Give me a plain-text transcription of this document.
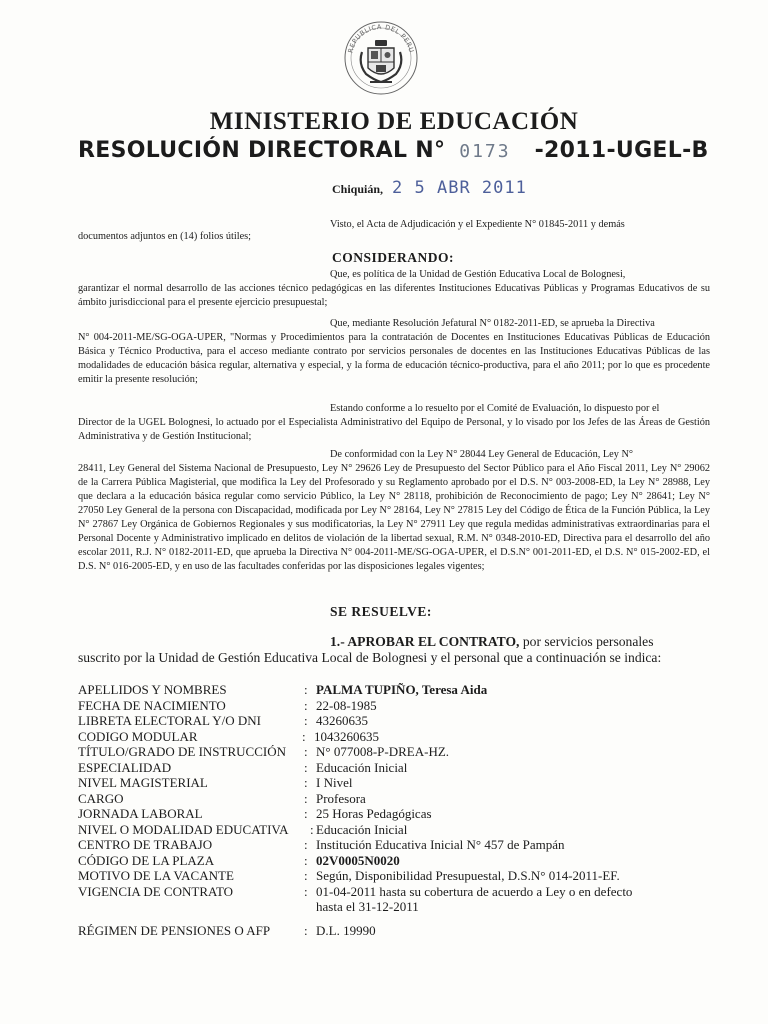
REPUBLICA DEL PERU
MINISTERIO DE EDUCACIÓN
RESOLUCIÓN DIRECTORAL N° 0173 -2011-UGEL-B
Chiquián, 2 5 ABR 2011
Visto, el Acta de Adjudicación y el Expediente N° 01845-2011 y demás
documentos adjuntos en (14) folios útiles;
CONSIDERANDO:
Que, es política de la Unidad de Gestión Educativa Local de Bolognesi,
garantizar el normal desarrollo de las acciones técnico pedagógicas en las diferentes Instituciones Educativas Públicas y Programas Educativos de su ámbito jurisdiccional para el presente ejercicio presupuestal;
Que, mediante Resolución Jefatural N° 0182-2011-ED, se aprueba la Directiva
N° 004-2011-ME/SG-OGA-UPER, "Normas y Procedimientos para la contratación de Docentes en Instituciones Educativas Públicas de Educación Básica y Técnico Productiva, para el acceso mediante contrato por servicios personales de docentes en las Instituciones Educativas Públicas de las modalidades de educación básica regular, alternativa y especial, y la forma de educación técnico-productiva, para el año 2011; por lo que es procedente emitir la presente resolución;
Estando conforme a lo resuelto por el Comité de Evaluación, lo dispuesto por el
Director de la UGEL Bolognesi, lo actuado por el Especialista Administrativo del Equipo de Personal, y lo visado por los Jefes de las Áreas de Gestión Administrativa y de Gestión Institucional;
De conformidad con la Ley N° 28044 Ley General de Educación, Ley N°
28411, Ley General del Sistema Nacional de Presupuesto, Ley N° 29626 Ley de Presupuesto del Sector Público para el Año Fiscal 2011, Ley N° 29062 de la Carrera Pública Magisterial, que modifica la Ley del Profesorado y su Reglamento aprobado por el D.S. N° 003-2008-ED, la Ley N° 28988, Ley que declara a la educación básica regular como servicio Público, la Ley N° 28118, prohibición de Reconocimiento de pago; Ley N° 28641; Ley N° 27050 Ley General de la persona con Discapacidad, modificada por Ley N° 28164, Ley N° 27815 Ley del Código de Ética de la Función Pública, la Ley N° 27867 Ley Orgánica de Gobiernos Regionales y sus modificatorias, la Ley N° 27911 Ley que regula medidas administrativas extraordinarias para el Personal Docente y Administrativo implicado en delitos de violación de la libertad sexual, R.M. N° 0348-2010-ED, Directiva para el desarrollo del año escolar 2011, R.J. N° 0182-2011-ED, que aprueba la Directiva N° 004-2011-ME/SG-OGA-UPER, el D.S.N° 001-2011-ED, el D.S. N° 015-2002-ED, el D.S. N° 016-2005-ED, y en uso de las facultades conferidas por las disposiciones legales vigentes;
SE RESUELVE:
1.- APROBAR EL CONTRATO, por servicios personales
suscrito por la Unidad de Gestión Educativa Local de Bolognesi y el personal que a continuación se indica:
APELLIDOS Y NOMBRES	: PALMA TUPIÑO, Teresa Aida
FECHA DE NACIMIENTO	: 22-08-1985
LIBRETA ELECTORAL Y/O DNI	: 43260635
CODIGO MODULAR	: 1043260635
TÍTULO/GRADO DE INSTRUCCIÓN : N° 077008-P-DREA-HZ.
ESPECIALIDAD	: Educación Inicial
NIVEL MAGISTERIAL	: I Nivel
CARGO	: Profesora
JORNADA LABORAL	: 25 Horas Pedagógicas
NIVEL O MODALIDAD EDUCATIVA : Educación Inicial
CENTRO DE TRABAJO	: Institución Educativa Inicial N° 457 de Pampán
CÓDIGO DE LA PLAZA	: 02V0005N0020
MOTIVO DE LA VACANTE	: Según, Disponibilidad Presupuestal, D.S.N° 014-2011-EF.
VIGENCIA DE CONTRATO	: 01-04-2011 hasta su cobertura de acuerdo a Ley o en defecto hasta el 31-12-2011
RÉGIMEN DE PENSIONES O AFP	: D.L. 19990
